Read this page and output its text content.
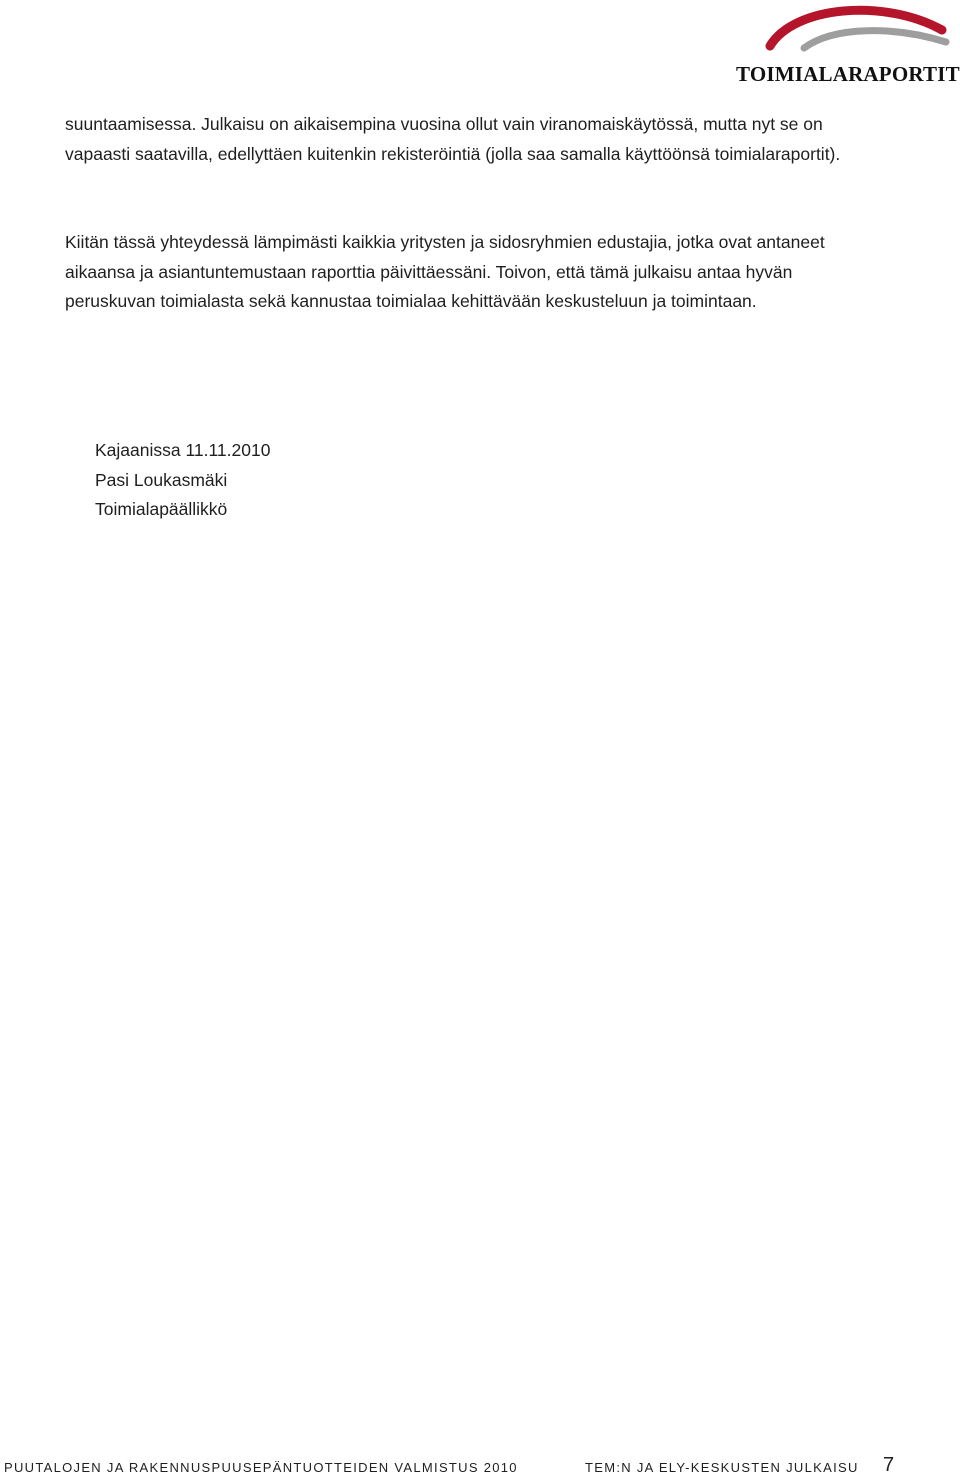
TOIMIALARAPORTIT

suuntaamisessa. Julkaisu on aikaisempina vuosina ollut vain viranomaiskäytössä, mutta nyt se on vapaasti saatavilla, edellyttäen kuitenkin rekisteröintiä (jolla saa samalla käyttöönsä toimialaraportit).

Kiitän tässä yhteydessä lämpimästi kaikkia yritysten ja sidosryhmien edustajia, jotka ovat antaneet aikaansa ja asiantuntemustaan raporttia päivittäessäni. Toivon, että tämä julkaisu antaa hyvän peruskuvan toimialasta sekä kannustaa toimialaa kehittävään keskusteluun ja toimintaan.

Kajaanissa 11.11.2010
Pasi Loukasmäki
Toimialapäällikkö
PUUTALOJEN JA RAKENNUSPUUSEPÄNTUOTTEIDEN VALMISTUS 2010	TEM:N JA ELY-KESKUSTEN JULKAISU 7
